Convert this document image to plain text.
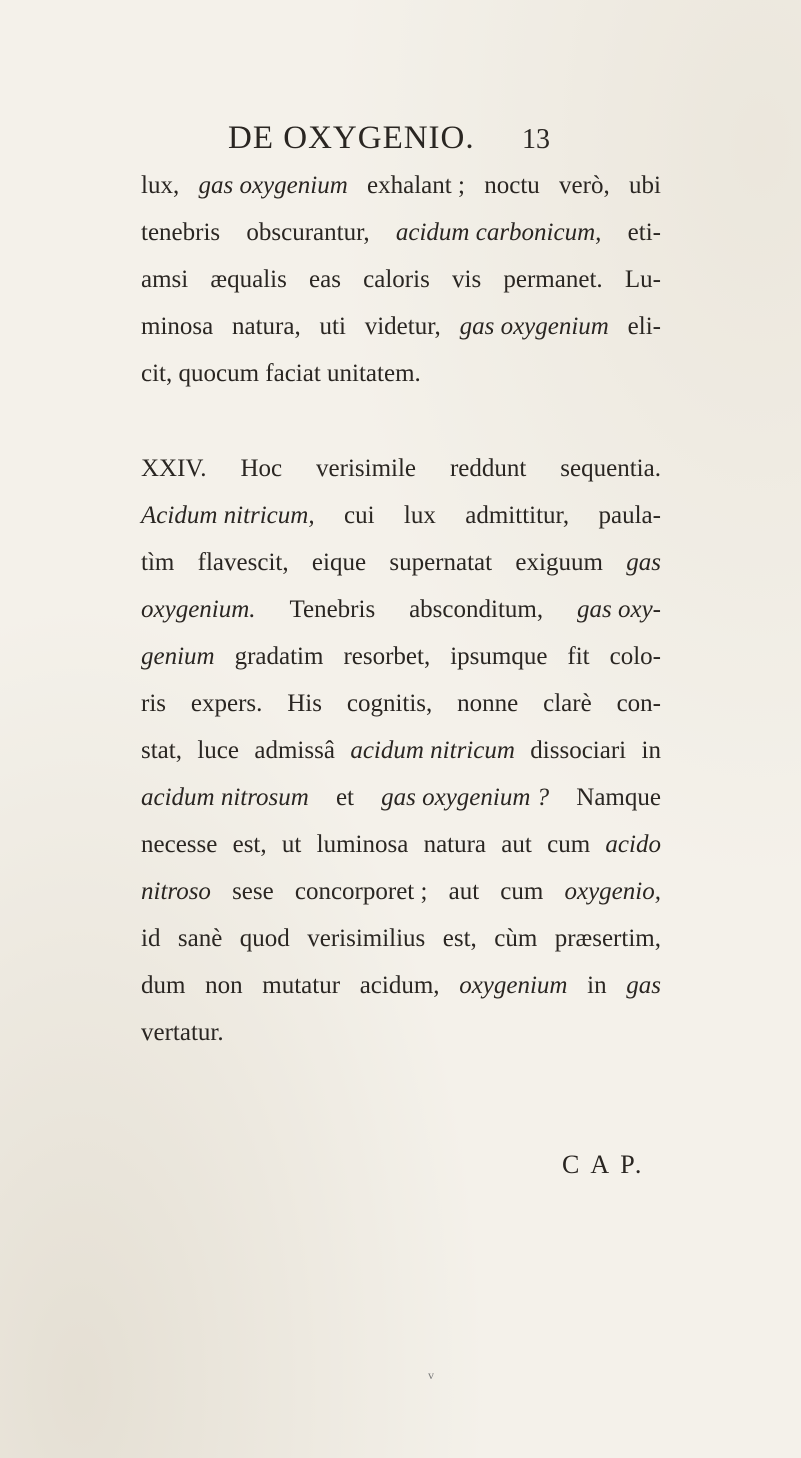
DE OXYGENIO. 13
lux, gas oxygenium exhalant ; noctu verò, ubi
tenebris obscurantur, acidum carbonicum, eti-
amsi æqualis eas caloris vis permanet. Lu-
minosa natura, uti videtur, gas oxygenium eli-
cit, quocum faciat unitatem.
XXIV. Hoc verisimile reddunt sequentia.
Acidum nitricum, cui lux admittitur, paula-
tìm flavescit, eique supernatat exiguum gas
oxygenium. Tenebris absconditum, gas oxy-
genium gradatim resorbet, ipsumque fit colo-
ris expers. His cognitis, nonne clarè con-
stat, luce admissâ acidum nitricum dissociari in
acidum nitrosum et gas oxygenium ? Namque
necesse est, ut luminosa natura aut cum acido
nitroso sese concorporet ; aut cum oxygenio,
id sanè quod verisimilius est, cùm præsertim,
dum non mutatur acidum, oxygenium in gas
vertatur.
C A P.
v
